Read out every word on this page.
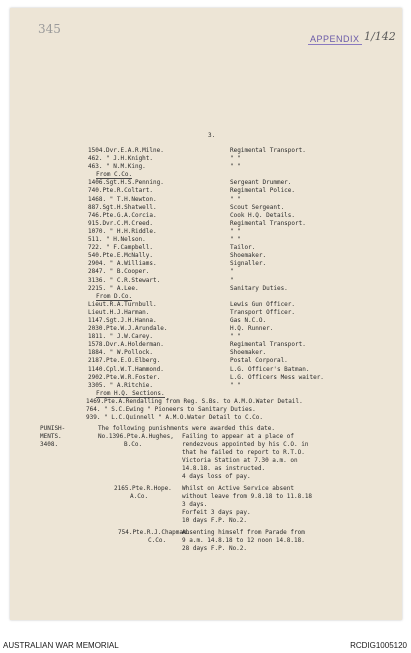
345
APPENDIX 1/142
3.
1504.Dvr.E.A.R.Milne.	Regimental Transport.
462. " J.H.Knight.	" "
463. " N.M.King.	" "
From C.Co.
1406.Sgt.H.S.Penning.	Sergeant Drummer.
740.Pte.R.Coltart.	Regimental Police.
1468. " T.H.Newton.	" "
887.Sgt.H.Shatwell.	Scout Sergeant.
746.Pte.G.A.Corcia.	Cook H.Q. Details.
915.Dvr.C.M.Creed.	Regimental Transport.
1070. " H.H.Riddle.	" "
511. " H.Nelson.	" "
722. " F.Campbell.	Tailor.
540.Pte.E.McNally.	Shoemaker.
2904. " A.Williams.	Signaller.
2847. " B.Cooper.	"
3136. " C.R.Stewart.	"
2215. " A.Lee.	Sanitary Duties.
From D.Co.
Lieut.R.A.Turnbull.	Lewis Gun Officer.
Lieut.H.J.Harman.	Transport Officer.
1147.Sgt.J.H.Hanna.	Gas N.C.O.
2030.Pte.W.J.Arundale.	H.Q. Runner.
1811. " J.W.Carey.	" "
1578.Dvr.A.Holderman.	Regimental Transport.
1884. " W.Pollock.	Shoemaker.
2187.Pte.E.O.Elberg.	Postal Corporal.
1140.Cpl.W.T.Hammond.	L.G. Officer's Batman.
2902.Pte.W.R.Foster.	L.G. Officers Mess waiter.
3305. " A.Ritchie.	" "
From H.Q. Sections.
1469.Pte.A.Rendalling from Reg. S.Bs. to A.M.O.Water Detail.
764. " S.C.Ewing " Pioneers to Sanitary Duties.
939. " L.C.Quinnell " A.M.O.Water Detail to C.Co.
PUNISH-
MENTS.
3408.
The following punishments were awarded this date.
No.1396.Pte.A.Hughes,
B.Co.
Failing to appear at a place of
rendezvous appointed by his C.O. in
that he failed to report to R.T.O.
Victoria Station at 7.30 a.m. on
14.8.18. as instructed.
4 days loss of pay.
2165.Pte.R.Hope.
A.Co.
Whilst on Active Service absent
without leave from 9.8.18 to 11.8.18
3 days.
Forfeit 3 days pay.
10 days F.P. No.2.
754.Pte.R.J.Chapman.
C.Co.
Absenting himself from Parade from
9 a.m. 14.8.18 to 12 noon 14.8.18.
28 days F.P. No.2.
AUSTRALIAN WAR MEMORIAL	RCDIG1005120
